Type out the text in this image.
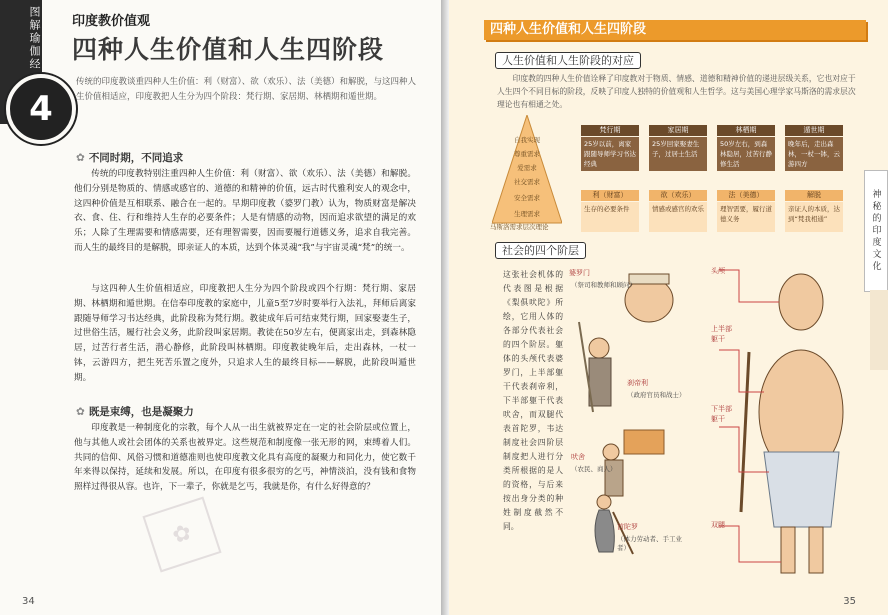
图解瑜伽经
4
印度教价值观
四种人生价值和人生四阶段
传统的印度教谈重四种人生价值：利（财富）、欲（欢乐）、法（美德）和解脱，与这四种人生价值相适应，印度教把人生分为四个阶段：梵行期、家居期、林栖期和遁世期。
✿ 不同时期，不同追求
传统的印度教特别注重四种人生价值：利（财富）、欲（欢乐）、法（美德）和解脱。他们分别是物质的、情感或感官的、道德的和精神的价值，远古时代雅利安人的观念中，这四种价值是互相联系、融合在一起的。早期印度教（婆罗门教）认为，物质财富是解决衣、食、住、行和维持人生存的必要条件；人是有情感的动物，因而追求欲望的满足的欢乐；人除了生理需要和情感需要，还有理智需要，因而要履行道德义务，追求自我完善。而人生的最终目的是解脱，即亲证人的本质，达到个体灵魂“我”与宇宙灵魂“梵”的统一。
与这四种人生价值相适应，印度教把人生分为四个阶段或四个行期：梵行期、家居期、林栖期和遁世期。在信奉印度教的家庭中，儿童5至7岁时要举行入法礼，拜师后离家跟随导师学习书达经典，此阶段称为梵行期。教徒成年后可结束梵行期，回家娶妻生子，过世俗生活，履行社会义务，此阶段叫家居期。教徒在50岁左右，便离家出走，到森林隐居，过苦行者生活，潜心静修，此阶段叫林栖期。印度教徒晚年后，走出森林，一杖一钵，云游四方，把生死苦乐置之度外，只追求人生的最终目标——解脱，此阶段叫遁世期。
✿ 既是束缚，也是凝聚力
印度教是一种制度化的宗教，每个人从一出生就被界定在一定的社会阶层或位置上，他与其他人或社会团体的关系也被界定。这些规范和制度像一张无形的网，束缚着人们。共同的信仰、风俗习惯和道德准则也使印度教文化具有高度的凝聚力和同化力，使它数千年来得以保持，延续和发展。所以，在印度有很多很穷的乞丐，神情淡泊，没有钱和食物照样过得很从容。也许，下一辈子，你就是乞丐，我就是你，有什么好得意的？
✿
34
四种人生价值和人生四阶段
人生价值和人生阶段的对应
印度教的四种人生价值诠释了印度教对于物质、情感、道德和精神价值的递进层级关系，它也对应于人生四个不同目标的阶段，反映了印度人独特的价值观和人生哲学。这与美国心理学家马斯洛的需求层次理论也有相通之处。
自我实现
尊重需求
爱需求
社交需求
安全需求
生理需求
马斯洛需求层次理论
梵行期
25岁以前，离家跟随导师学习书达经典
家居期
25岁回家娶妻生子，过居士生活
林栖期
50岁左右，到森林隐居，过苦行静修生活
遁世期
晚年后，走出森林，一杖一钵，云游四方
利（财富）
生存的必要条件
欲（欢乐）
情感或感官的欢乐
法（美德）
理智需要，履行道德义务
解脱
亲证人的本质，达到“梵我相通”
社会的四个阶层
这张社会机体的代表图是根据《梨俱吠陀》所绘，它用人体的各部分代表社会的四个阶层。躯体的头颅代表婆罗门，上半部躯干代表刹帝利，下半部躯干代表吠舍，而双腿代表首陀罗，韦达制度社会四阶层制度把人进行分类所根据的是人的资格，与后来按出身分类的种姓制度截然不同。
婆罗门
（祭司和教师和顾问）
刹帝利
（政府官员和战士）
吠舍
（农民、商人）
首陀罗
（体力劳动者、手工业者）
头颅
上半部躯干
下半部躯干
双腿
神秘的印度文化
35
